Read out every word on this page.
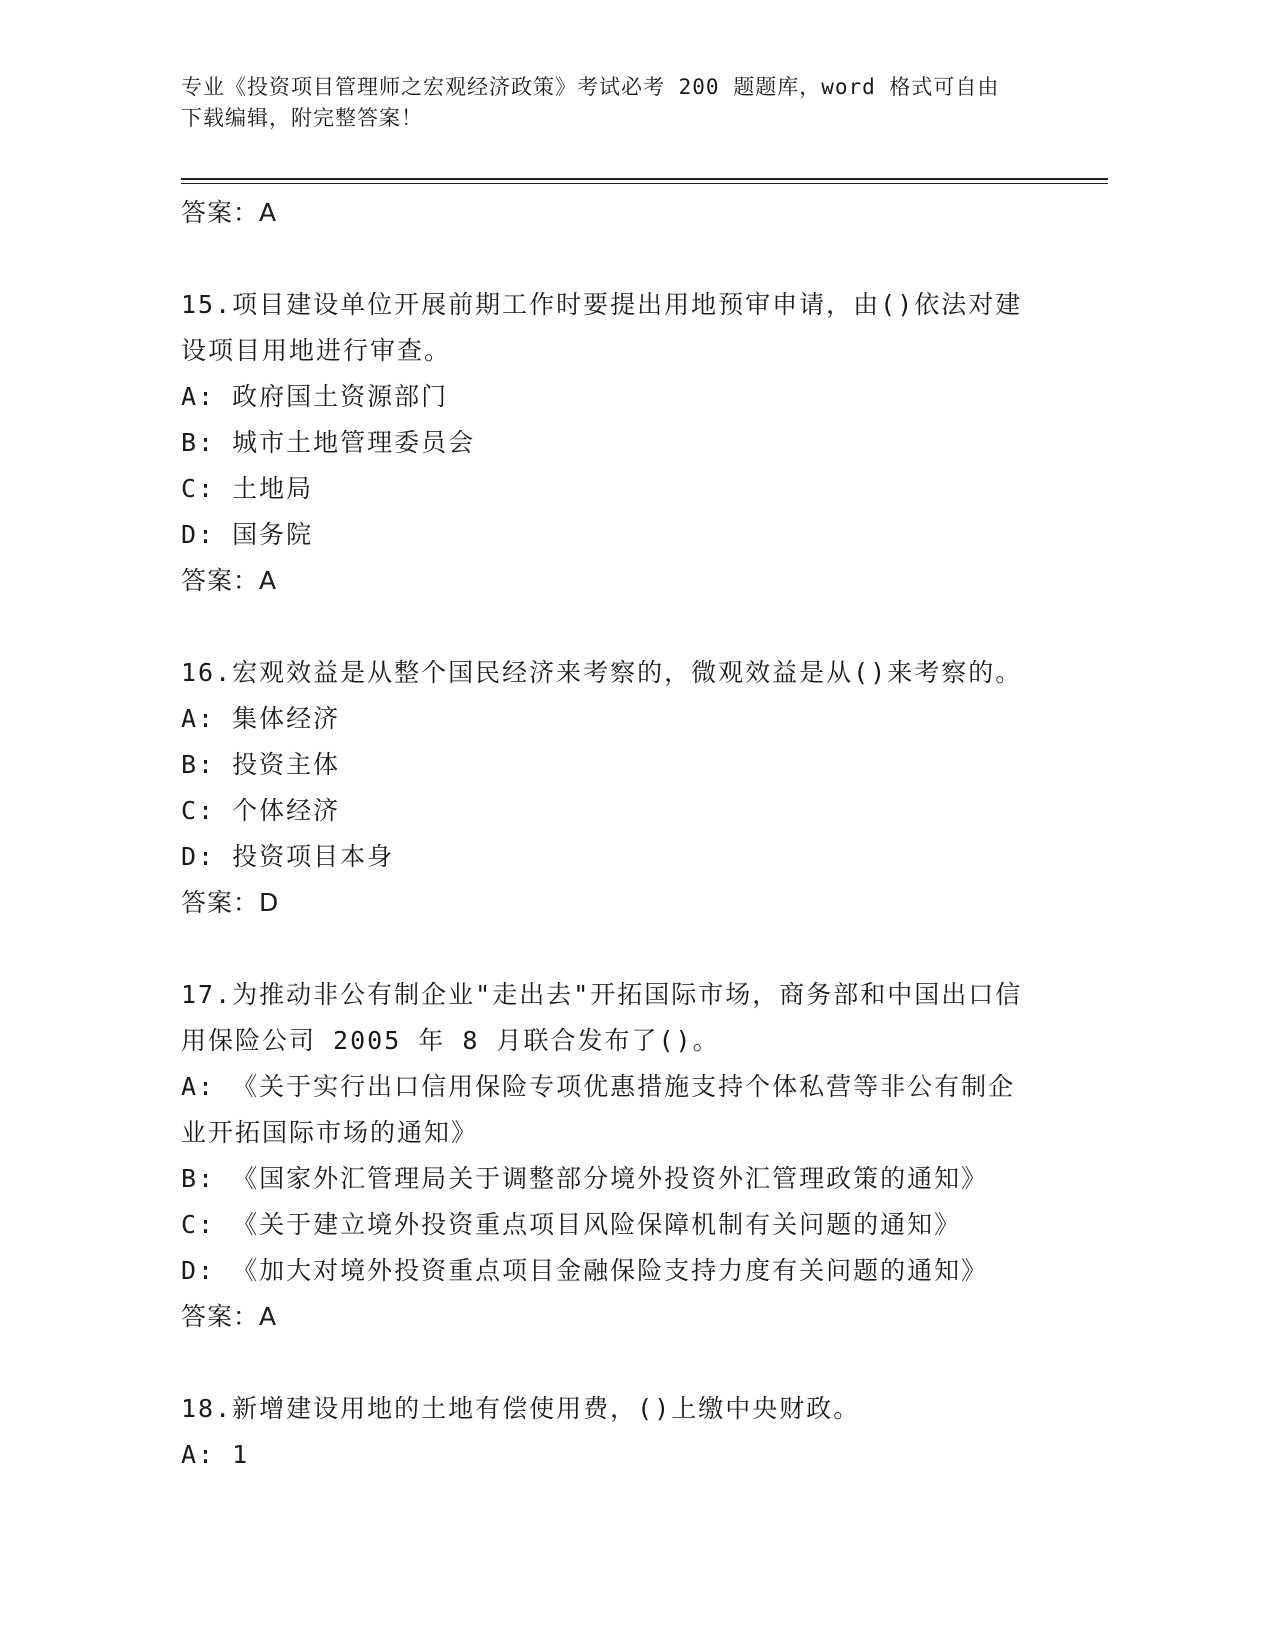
专业《投资项目管理师之宏观经济政策》考试必考 200 题题库，word 格式可自由
下载编辑，附完整答案！
答案：A
15.项目建设单位开展前期工作时要提出用地预审申请，由()依法对建
设项目用地进行审查。
A: 政府国土资源部门
B: 城市土地管理委员会
C: 土地局
D: 国务院
答案：A
16.宏观效益是从整个国民经济来考察的，微观效益是从()来考察的。
A: 集体经济
B: 投资主体
C: 个体经济
D: 投资项目本身
答案：D
17.为推动非公有制企业"走出去"开拓国际市场，商务部和中国出口信
用保险公司 2005 年 8 月联合发布了()。
A: 《关于实行出口信用保险专项优惠措施支持个体私营等非公有制企
业开拓国际市场的通知》
B: 《国家外汇管理局关于调整部分境外投资外汇管理政策的通知》
C: 《关于建立境外投资重点项目风险保障机制有关问题的通知》
D: 《加大对境外投资重点项目金融保险支持力度有关问题的通知》
答案：A
18.新增建设用地的土地有偿使用费，()上缴中央财政。
A: 1
